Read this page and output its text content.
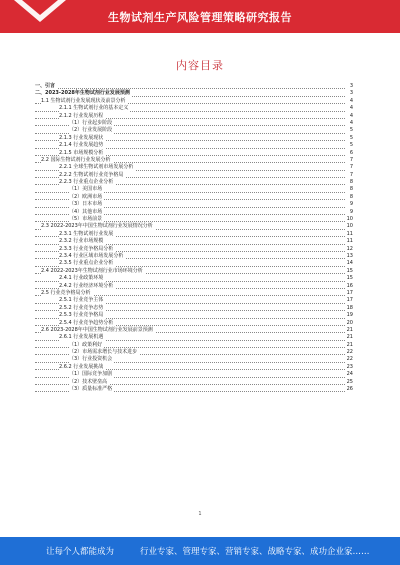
生物试剂生产风险管理策略研究报告
内容目录
一、引言	3
二、2023-2028年生物试剂行业发展预测	3
1.1 生物试剂行业发展现状及前景分析	4
2.1.1 生物试剂行业的基本定义	4
2.1.2 行业发展历程	4
（1）行业起步阶段	4
（2）行业发展阶段	5
2.1.3 行业发展现状	5
2.1.4 行业发展趋势	5
2.1.5 市场规模分析	6
2.2 国际生物试剂行业发展分析	7
2.2.1 全球生物试剂市场发展分析	7
2.2.2 生物试剂行业竞争格局	7
2.2.3 行业重点企业分析	8
（1）美国市场	8
（2）欧洲市场	8
（3）日本市场	9
（4）其他市场	9
（5）市场前景	10
2.3 2022-2023年中国生物试剂行业发展情况分析	10
2.3.1 生物试剂行业发展	11
2.3.2 行业市场规模	11
2.3.3 行业竞争格局分析	12
2.3.4 行业区域市场发展分析	13
2.3.5 行业重点企业分析	14
2.4 2022-2023年生物试剂行业市场环境分析	15
2.4.1 行业政策环境	15
2.4.2 行业经济环境分析	16
2.5 行业竞争格局分析	17
2.5.1 行业竞争主体	17
2.5.2 行业竞争态势	18
2.5.3 行业竞争格局	19
2.5.4 行业竞争趋势分析	20
2.6 2023-2028年中国生物试剂行业发展前景预测	21
2.6.1 行业发展机遇	21
（1）政策利好	21
（2）市场需求增长与技术进步	22
（3）行业投资机会	22
2.6.2 行业发展挑战	23
（1）国际竞争加剧	24
（2）技术壁垒高	25
（3）质量标准严格	26
1
让每个人都能成为	行业专家、管理专家、营销专家、战略专家、成功企业家……
